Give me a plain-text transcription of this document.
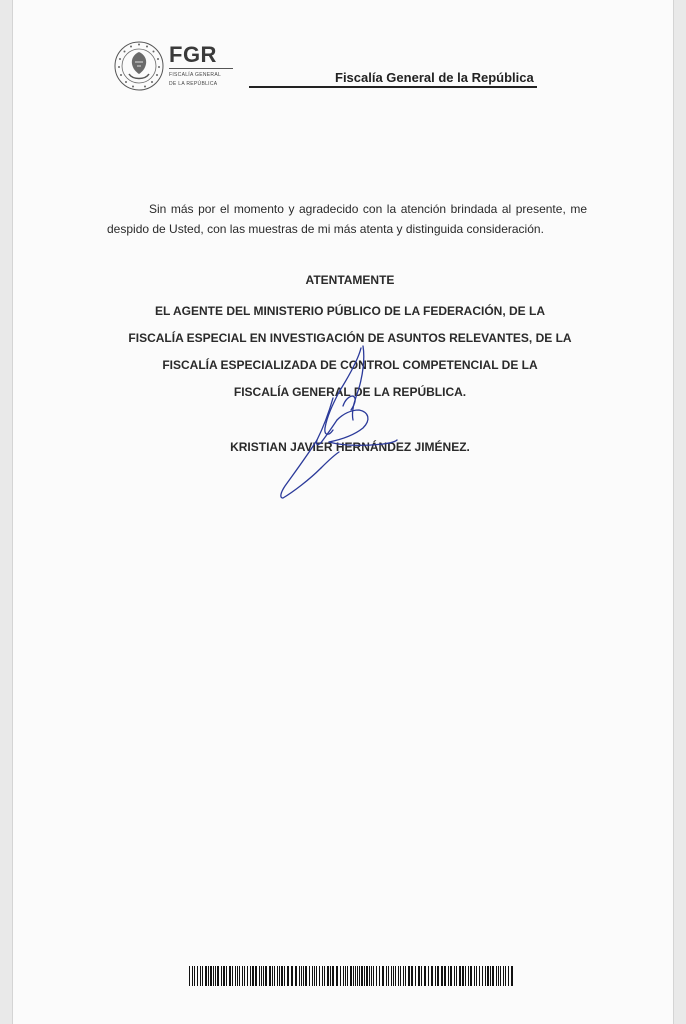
FGR
FISCALÍA GENERAL
DE LA REPÚBLICA	Fiscalía General de la República

Sin más por el momento y agradecido con la atención brindada al presente, me despido de Usted, con las muestras de mi más atenta y distinguida consideración.

ATENTAMENTE
EL AGENTE DEL MINISTERIO PÚBLICO DE LA FEDERACIÓN, DE LA
FISCALÍA ESPECIAL EN INVESTIGACIÓN DE ASUNTOS RELEVANTES, DE LA
FISCALÍA ESPECIALIZADA DE CONTROL COMPETENCIAL DE LA
FISCALÍA GENERAL DE LA REPÚBLICA.
KRISTIAN JAVIER HERNÁNDEZ JIMÉNEZ.
